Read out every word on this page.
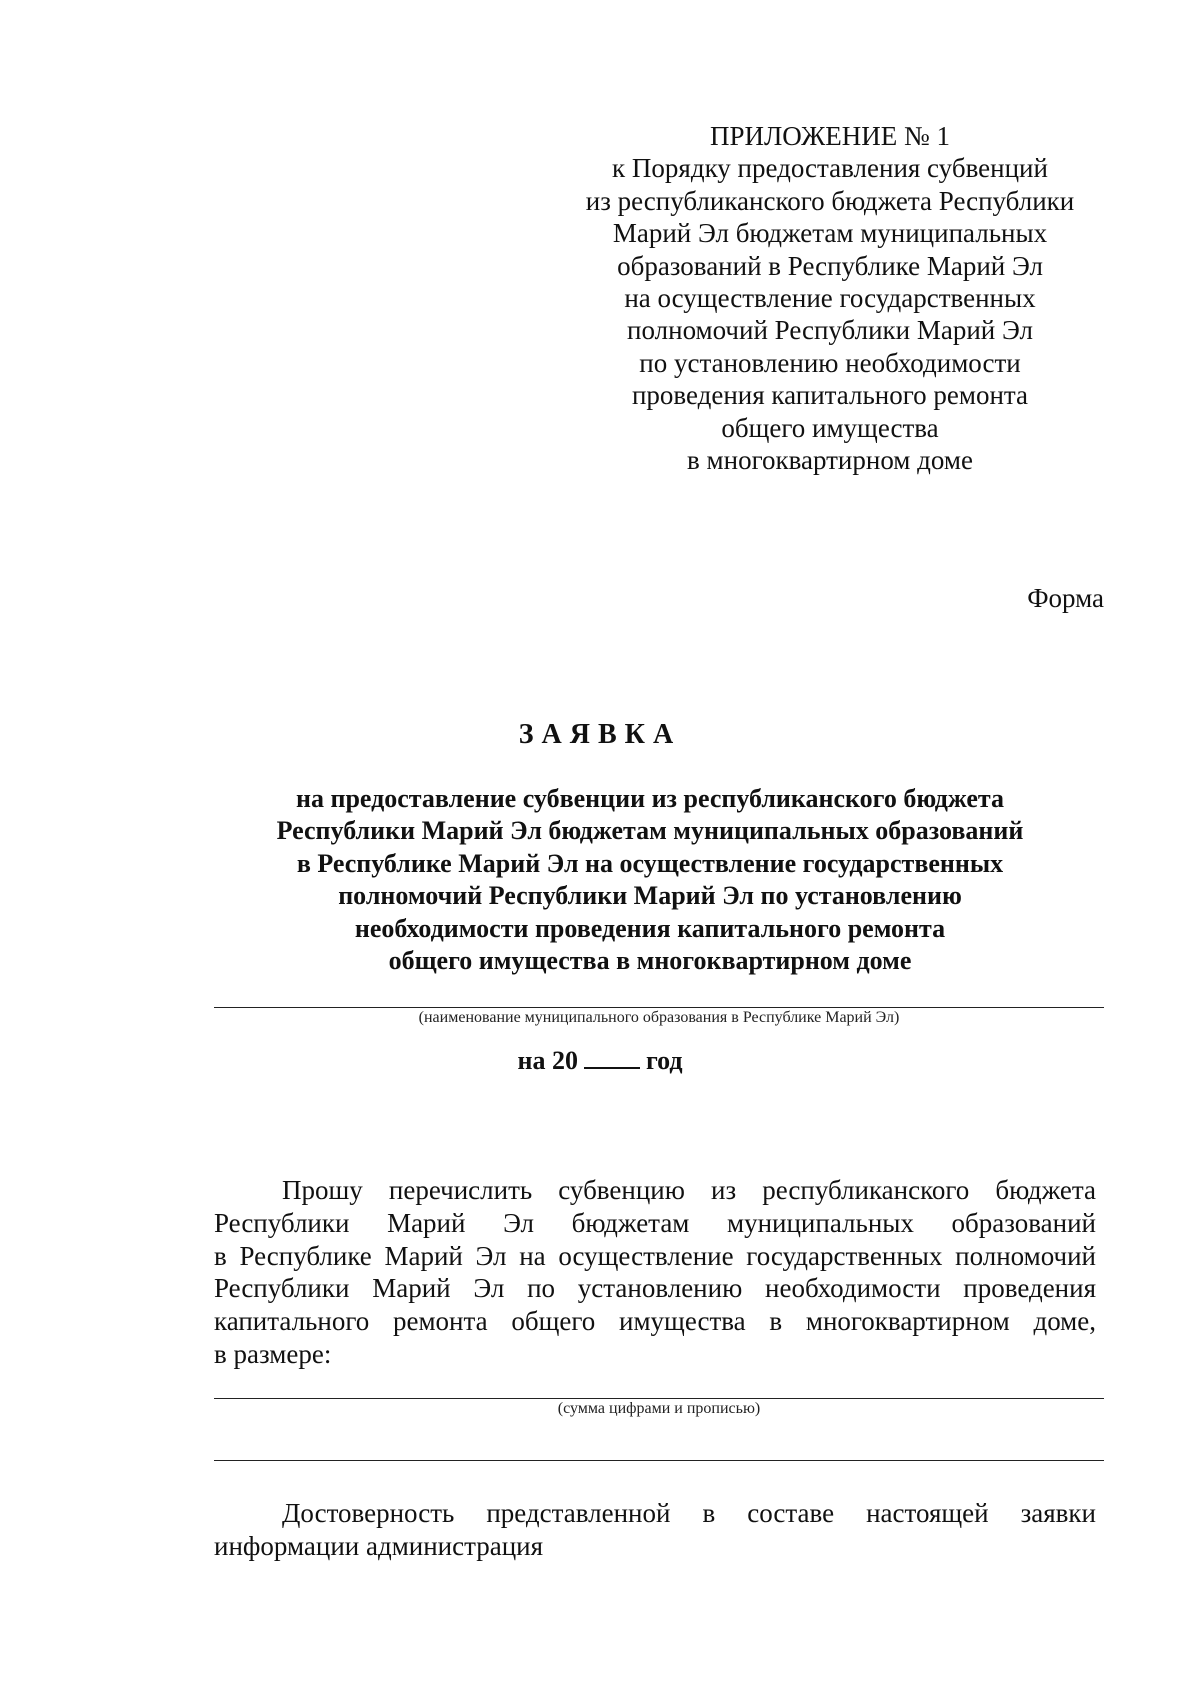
ПРИЛОЖЕНИЕ № 1
к Порядку предоставления субвенций
из республиканского бюджета Республики
Марий Эл бюджетам муниципальных
образований в Республике Марий Эл
на осуществление государственных
полномочий Республики Марий Эл
по установлению необходимости
проведения капитального ремонта
общего имущества
в многоквартирном доме
Форма
ЗАЯВКА
на предоставление субвенции из республиканского бюджета
Республики Марий Эл бюджетам муниципальных образований
в Республике Марий Эл на осуществление государственных
полномочий Республики Марий Эл по установлению
необходимости проведения капитального ремонта
общего имущества в многоквартирном доме
(наименование муниципального образования в Республике Марий Эл)
на 20	год
Прошу перечислить субвенцию из республиканского бюджета
Республики Марий Эл бюджетам муниципальных образований
в Республике Марий Эл на осуществление государственных полномочий
Республики Марий Эл по установлению необходимости проведения
капитального ремонта общего имущества в многоквартирном доме,
в размере:
(сумма цифрами и прописью)
Достоверность представленной в составе настоящей заявки
информации администрация
